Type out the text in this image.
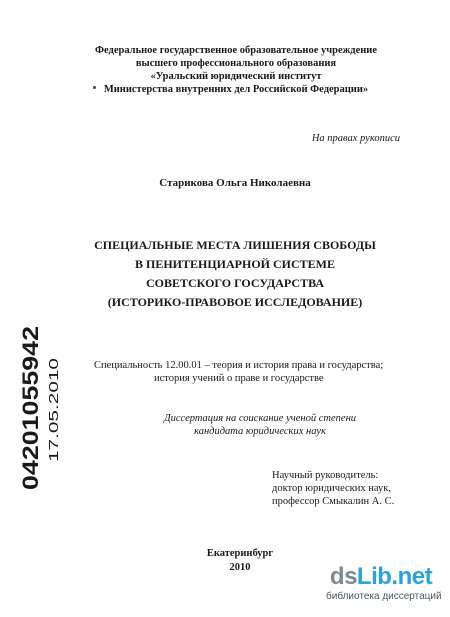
Федеральное государственное образовательное учреждение
высшего профессионального образования
«Уральский юридический институт
Министерства внутренних дел Российской Федерации»
На правах рукописи
Старикова Ольга Николаевна
СПЕЦИАЛЬНЫЕ МЕСТА ЛИШЕНИЯ СВОБОДЫ
В ПЕНИТЕНЦИАРНОЙ СИСТЕМЕ
СОВЕТСКОГО ГОСУДАРСТВА
(ИСТОРИКО-ПРАВОВОЕ ИССЛЕДОВАНИЕ)
04201055942 17.05.2010
Специальность 12.00.01 – теория и история права и государства;
история учений о праве и государстве
Диссертация на соискание ученой степени
кандидата юридических наук
Научный руководитель:
доктор юридических наук,
профессор Смыкалин А. С.
Екатеринбург
2010	dsLib.net
библиотека диссертаций
